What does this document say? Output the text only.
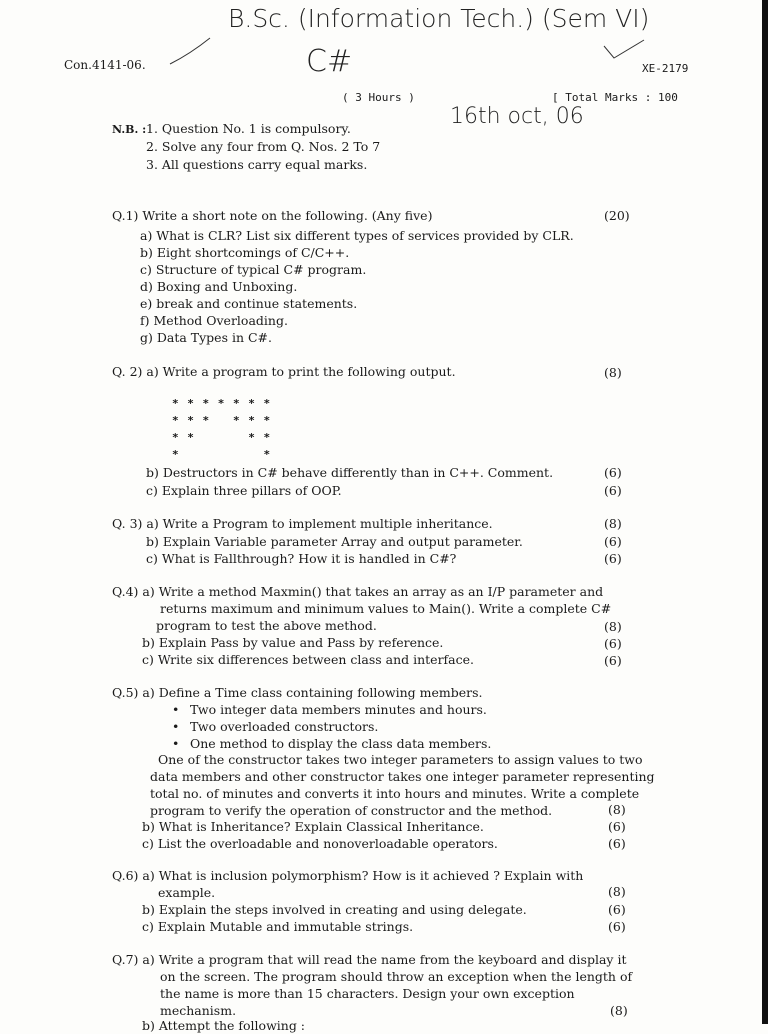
B.Sc. (Information Tech.) (Sem VI)
C#
16th oct, 06
Con.4141-06.	XE-2179
( 3 Hours )	[ Total Marks : 100
N.B. : 1. Question No. 1 is compulsory.
2. Solve any four from Q. Nos. 2 To 7
3. All questions carry equal marks.
Q.1) Write a short note on the following. (Any five)	(20)
a) What is CLR? List six different types of services provided by CLR.
b) Eight shortcomings of C/C++.
c) Structure of typical C# program.
d) Boxing and Unboxing.
e) break and continue statements.
f) Method Overloading.
g) Data Types in C#.
Q. 2) a) Write a program to print the following output.	(8)
* * * * * * *
* * *   * * *
* *       * *
*           *
b) Destructors in C# behave differently than in C++. Comment.	(6)
c) Explain three pillars of OOP.	(6)
Q. 3) a) Write a Program to implement multiple inheritance.	(8)
b) Explain Variable parameter Array and output parameter.	(6)
c) What is Fallthrough? How it is handled in C#?	(6)
Q.4) a) Write a method Maxmin() that takes an array as an I/P parameter and
returns maximum and minimum values to Main(). Write a complete C#
program to test the above method.	(8)
b) Explain Pass by value and Pass by reference.	(6)
c) Write six differences between class and interface.	(6)
Q.5) a) Define a Time class containing following members.
• Two integer data members minutes and hours.
• Two overloaded constructors.
• One method to display the class data members.
One of the constructor takes two integer parameters to assign values to two
data members and other constructor takes one integer parameter representing
total no. of minutes and converts it into hours and minutes. Write a complete
program to verify the operation of constructor and the method.	(8)
b) What is Inheritance? Explain Classical Inheritance.	(6)
c) List the overloadable and nonoverloadable operators.	(6)
Q.6) a) What is inclusion polymorphism? How is it achieved ? Explain with
example.	(8)
b) Explain the steps involved in creating and using delegate.	(6)
c) Explain Mutable and immutable strings.	(6)
Q.7) a) Write a program that will read the name from the keyboard and display it
on the screen. The program should throw an exception when the length of
the name is more than 15 characters. Design your own exception
mechanism.	(8)
b) Attempt the following :
